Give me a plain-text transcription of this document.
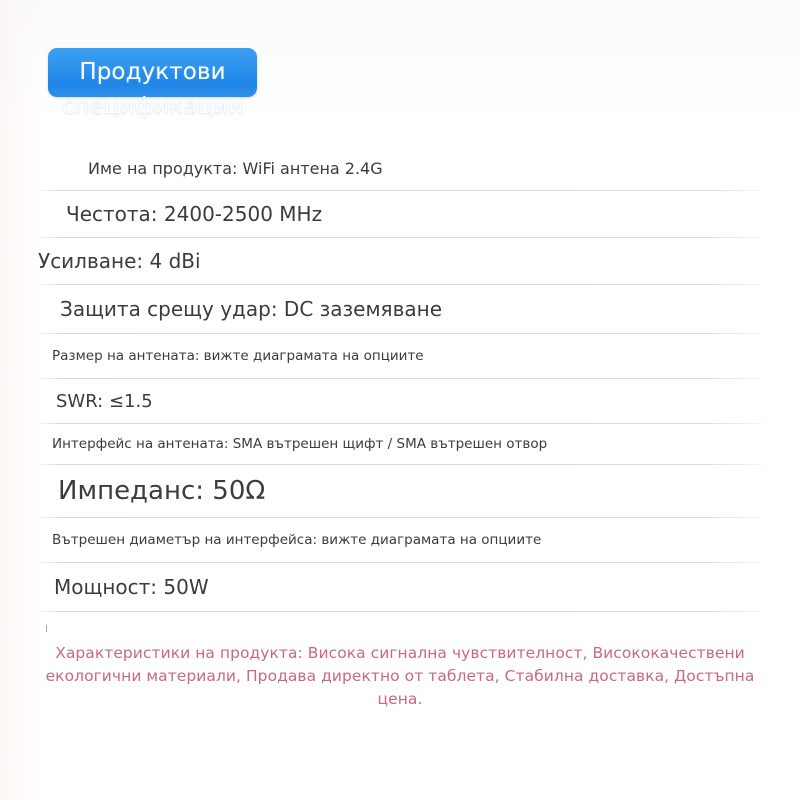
Продуктови
спецификации
Име на продукта: WiFi антена 2.4G
Честота: 2400-2500 MHz
Усилване: 4 dBi
Защита срещу удар: DC заземяване
Размер на антената: вижте диаграмата на опциите
SWR: ≤1.5
Интерфейс на антената: SMA вътрешен щифт / SMA вътрешен отвор
Импеданс: 50Ω
Вътрешен диаметър на интерфейса: вижте диаграмата на опциите
Мощност: 50W
Характеристики на продукта: Висока сигнална чувствителност, Висококачествени екологични материали, Продава директно от таблета, Стабилна доставка, Достъпна цена.
